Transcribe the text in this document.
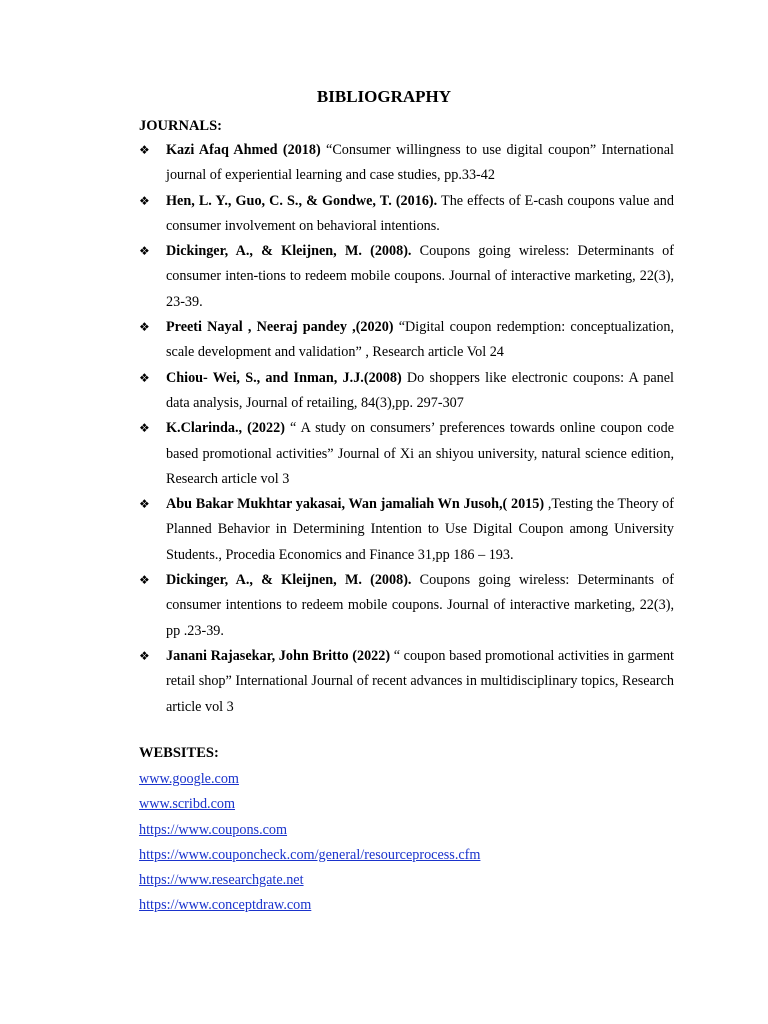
BIBLIOGRAPHY
JOURNALS:
❖ Kazi Afaq Ahmed (2018) “Consumer willingness to use digital coupon” International journal of experiential learning and case studies, pp.33-42
❖ Hen, L. Y., Guo, C. S., & Gondwe, T. (2016). The effects of E-cash coupons value and consumer involvement on behavioral intentions.
❖ Dickinger, A., & Kleijnen, M. (2008). Coupons going wireless: Determinants of consumer inten-tions to redeem mobile coupons. Journal of interactive marketing, 22(3), 23-39.
❖ Preeti Nayal , Neeraj pandey ,(2020) “Digital coupon redemption: conceptualization, scale development and validation” , Research article Vol 24
❖ Chiou- Wei, S., and Inman, J.J.(2008) Do shoppers like electronic coupons: A panel data analysis, Journal of retailing, 84(3),pp. 297-307
❖ K.Clarinda., (2022) “ A study on consumers’ preferences towards online coupon code based promotional activities” Journal of Xi an shiyou university, natural science edition, Research article vol 3
❖ Abu Bakar Mukhtar yakasai, Wan jamaliah Wn Jusoh,( 2015) ,Testing the Theory of Planned Behavior in Determining Intention to Use Digital Coupon among University Students., Procedia Economics and Finance 31,pp 186 – 193.
❖ Dickinger, A., & Kleijnen, M. (2008). Coupons going wireless: Determinants of consumer intentions to redeem mobile coupons. Journal of interactive marketing, 22(3), pp .23-39.
❖ Janani Rajasekar, John Britto (2022) “ coupon based promotional activities in garment retail shop” International Journal of recent advances in multidisciplinary topics, Research article vol 3
WEBSITES:
www.google.com
www.scribd.com
https://www.coupons.com
https://www.couponcheck.com/general/resourceprocess.cfm
https://www.researchgate.net
https://www.conceptdraw.com
